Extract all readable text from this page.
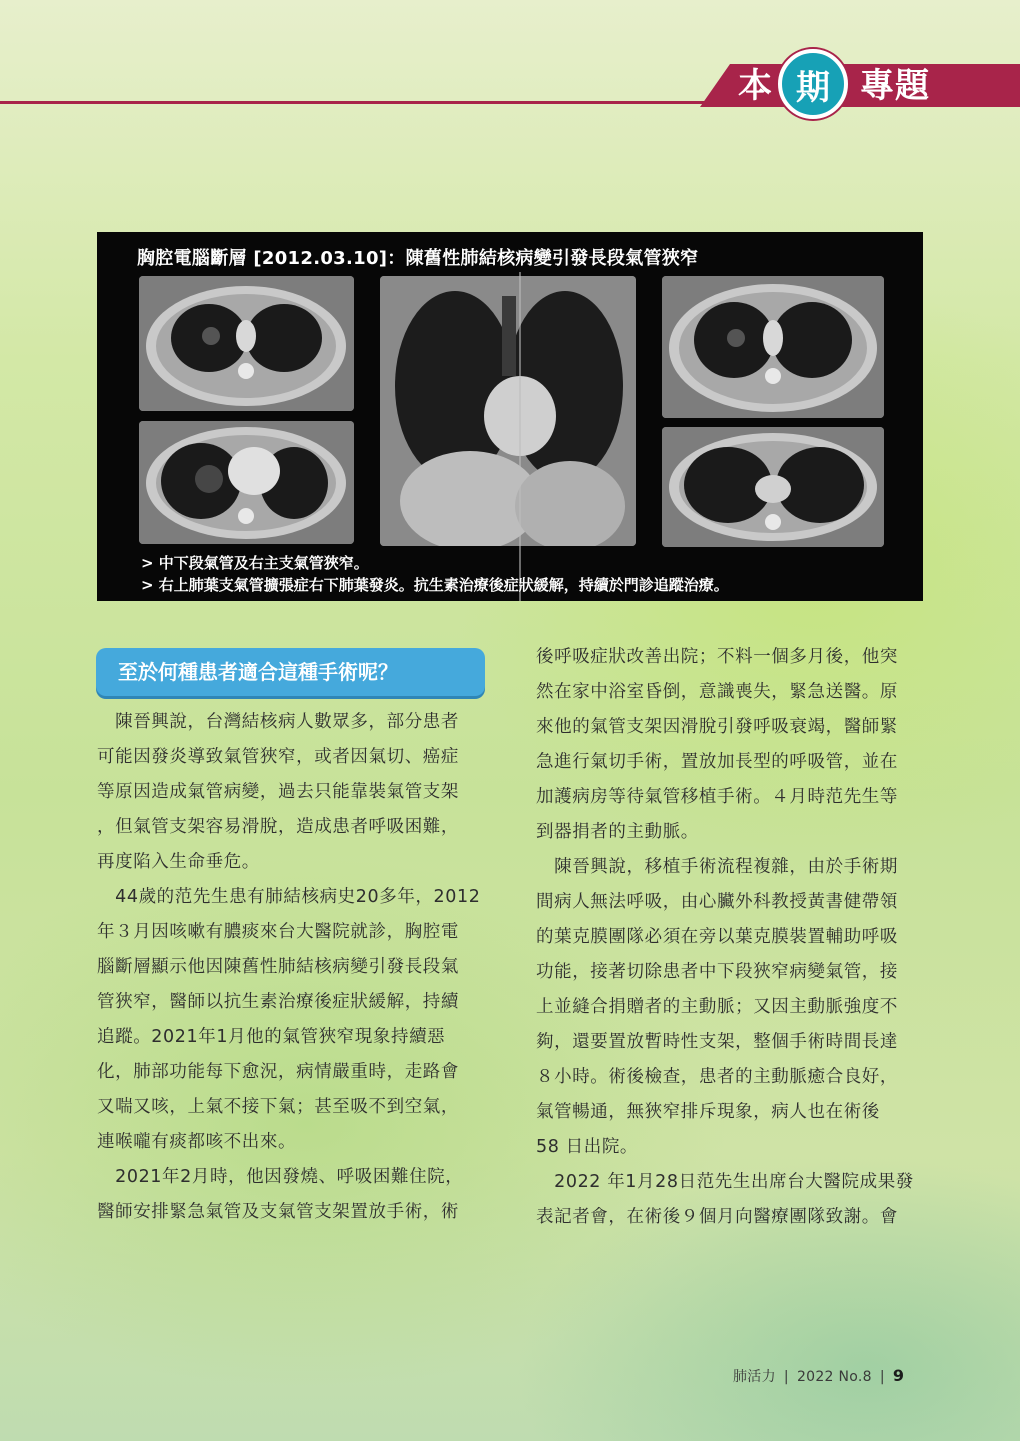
本 期 專題
胸腔電腦斷層 [2012.03.10]：陳舊性肺結核病變引發長段氣管狹窄
> 中下段氣管及右主支氣管狹窄。
> 右上肺葉支氣管擴張症右下肺葉發炎。抗生素治療後症狀緩解，持續於門診追蹤治療。
至於何種患者適合這種手術呢？
　陳晉興說，台灣結核病人數眾多，部分患者
可能因發炎導致氣管狹窄，或者因氣切、癌症
等原因造成氣管病變，過去只能靠裝氣管支架
，但氣管支架容易滑脫，造成患者呼吸困難，
再度陷入生命垂危。
　44歲的范先生患有肺結核病史20多年，2012
年３月因咳嗽有膿痰來台大醫院就診，胸腔電
腦斷層顯示他因陳舊性肺結核病變引發長段氣
管狹窄，醫師以抗生素治療後症狀緩解，持續
追蹤。2021年1月他的氣管狹窄現象持續惡
化，肺部功能每下愈況，病情嚴重時，走路會
又喘又咳，上氣不接下氣；甚至吸不到空氣，
連喉嚨有痰都咳不出來。
　2021年2月時，他因發燒、呼吸困難住院，
醫師安排緊急氣管及支氣管支架置放手術，術
後呼吸症狀改善出院；不料一個多月後，他突
然在家中浴室昏倒，意識喪失，緊急送醫。原
來他的氣管支架因滑脫引發呼吸衰竭，醫師緊
急進行氣切手術，置放加長型的呼吸管，並在
加護病房等待氣管移植手術。４月時范先生等
到器捐者的主動脈。
　陳晉興說，移植手術流程複雜，由於手術期
間病人無法呼吸，由心臟外科教授黃書健帶領
的葉克膜團隊必須在旁以葉克膜裝置輔助呼吸
功能，接著切除患者中下段狹窄病變氣管，接
上並縫合捐贈者的主動脈；又因主動脈強度不
夠，還要置放暫時性支架，整個手術時間長達
８小時。術後檢查，患者的主動脈癒合良好，
氣管暢通，無狹窄排斥現象，病人也在術後
58 日出院。
　2022 年1月28日范先生出席台大醫院成果發
表記者會，在術後９個月向醫療團隊致謝。會
肺活力 | 2022 No.8 | 9
